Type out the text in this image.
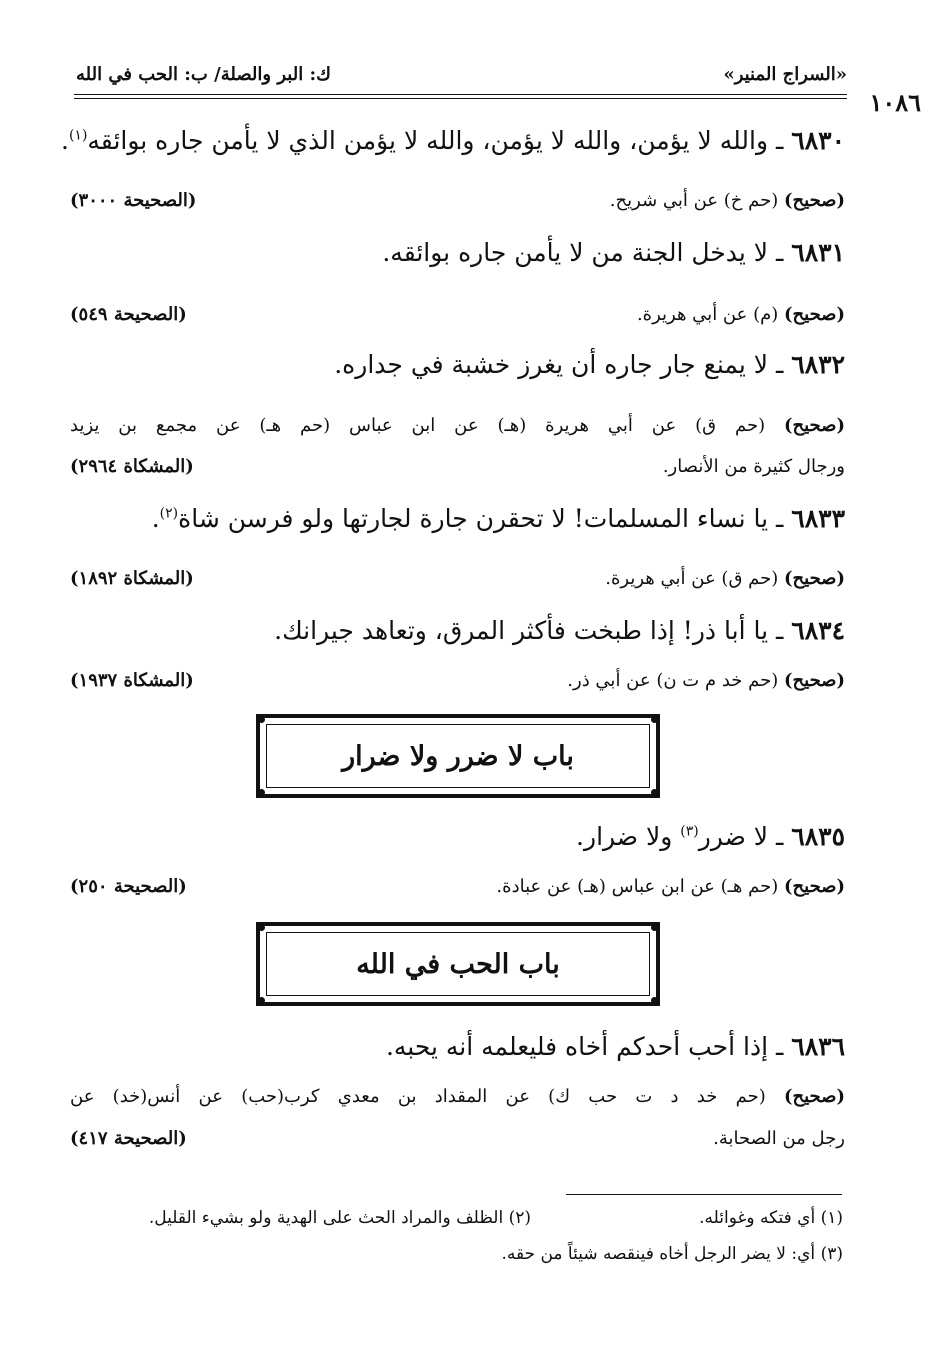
«السراج المنير»
ك: البر والصلة/ ب: الحب في الله
١٠٨٦
٦٨٣٠ ـ والله لا يؤمن، والله لا يؤمن، والله لا يؤمن الذي لا يأمن جاره بوائقه$^{(١)}$.
(صحيح) (حم خ) عن أبي شريح.
(الصحيحة ٣٠٠٠)
٦٨٣١ ـ لا يدخل الجنة من لا يأمن جاره بوائقه.
(صحيح) (م) عن أبي هريرة.
(الصحيحة ٥٤٩)
٦٨٣٢ ـ لا يمنع جار جاره أن يغرز خشبة في جداره.
(صحيح) (حم ق) عن أبي هريرة (هـ) عن ابن عباس (حم هـ) عن مجمع بن يزيد
ورجال كثيرة من الأنصار.
(المشكاة ٢٩٦٤)
٦٨٣٣ ـ يا نساء المسلمات! لا تحقرن جارة لجارتها ولو فرسن شاة$^{(٢)}$.
(صحيح) (حم ق) عن أبي هريرة.
(المشكاة ١٨٩٢)
٦٨٣٤ ـ يا أبا ذر! إذا طبخت فأكثر المرق، وتعاهد جيرانك.
(صحيح) (حم خد م ت ن) عن أبي ذر.
(المشكاة ١٩٣٧)
باب لا ضرر ولا ضرار
٦٨٣٥ ـ لا ضرر$^{(٣)}$ ولا ضرار.
(صحيح) (حم هـ) عن ابن عباس (هـ) عن عبادة.
(الصحيحة ٢٥٠)
باب الحب في الله
٦٨٣٦ ـ إذا أحب أحدكم أخاه فليعلمه أنه يحبه.
(صحيح) (حم خد د ت حب ك) عن المقداد بن معدي كرب(حب) عن أنس(خد) عن
رجل من الصحابة.
(الصحيحة ٤١٧)
(١) أي فتكه وغوائله.
(٢) الظلف والمراد الحث على الهدية ولو بشيء القليل.
(٣) أي: لا يضر الرجل أخاه فينقصه شيئاً من حقه.
